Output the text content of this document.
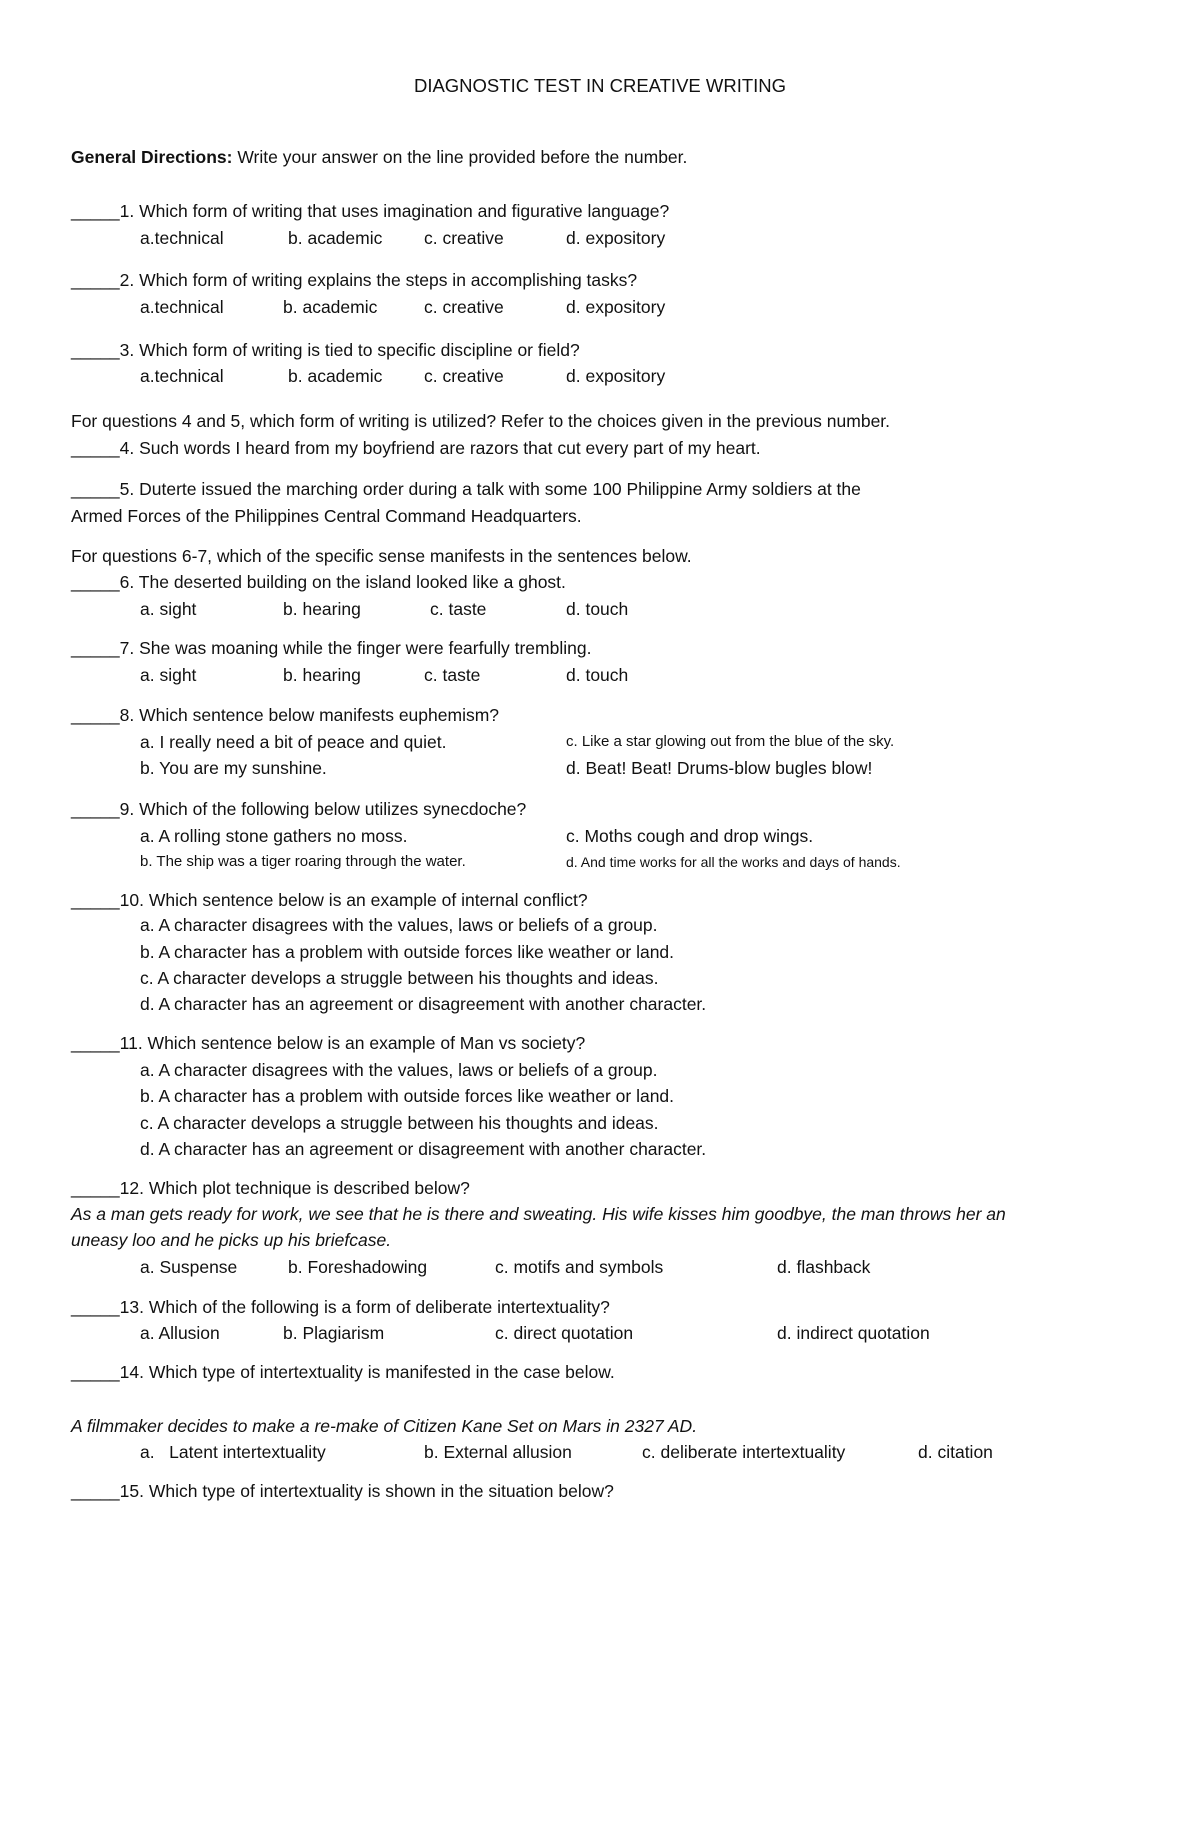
DIAGNOSTIC TEST IN CREATIVE WRITING
General Directions: Write your answer on the line provided before the number.
_____1. Which form of writing that uses imagination and figurative language?
a.technical	b. academic c. creative	d. expository
_____2. Which form of writing explains the steps in accomplishing tasks?
a.technical	b. academic	c. creative	d. expository
_____3. Which form of writing is tied to specific discipline or field?
a.technical	b. academic c. creative	d. expository
For questions 4 and 5, which form of writing is utilized? Refer to the choices given in the previous number.
_____4. Such words I heard from my boyfriend are razors that cut every part of my heart.
_____5. Duterte issued the marching order during a talk with some 100 Philippine Army soldiers at the
Armed Forces of the Philippines Central Command Headquarters.
For questions 6-7, which of the specific sense manifests in the sentences below.
_____6. The deserted building on the island looked like a ghost.
a. sight	b. hearing	c. taste	d. touch
_____7. She was moaning while the finger were fearfully trembling.
a. sight	b. hearing	c. taste	d. touch
_____8. Which sentence below manifests euphemism?
a. I really need a bit of peace and quiet.	c. Like a star glowing out from the blue of the sky.
b. You are my sunshine.	d. Beat! Beat! Drums-blow bugles blow!
_____9. Which of the following below utilizes synecdoche?
a. A rolling stone gathers no moss.	c. Moths cough and drop wings.
b. The ship was a tiger roaring through the water.	d. And time works for all the works and days of hands.
_____10. Which sentence below is an example of internal conflict?
a. A character disagrees with the values, laws or beliefs of a group.
b. A character has a problem with outside forces like weather or land.
c. A character develops a struggle between his thoughts and ideas.
d. A character has an agreement or disagreement with another character.
_____11. Which sentence below is an example of Man vs society?
a. A character disagrees with the values, laws or beliefs of a group.
b. A character has a problem with outside forces like weather or land.
c. A character develops a struggle between his thoughts and ideas.
d. A character has an agreement or disagreement with another character.
_____12. Which plot technique is described below?
As a man gets ready for work, we see that he is there and sweating. His wife kisses him goodbye, the man throws her an
uneasy loo and he picks up his briefcase.
a. Suspense	b. Foreshadowing	c. motifs and symbols	d. flashback
_____13. Which of the following is a form of deliberate intertextuality?
a. Allusion	b. Plagiarism	c. direct quotation	d. indirect quotation
_____14. Which type of intertextuality is manifested in the case below.
A filmmaker decides to make a re-make of Citizen Kane Set on Mars in 2327 AD.
a.   Latent intertextuality	b. External allusion	c. deliberate intertextuality	d. citation
_____15. Which type of intertextuality is shown in the situation below?
